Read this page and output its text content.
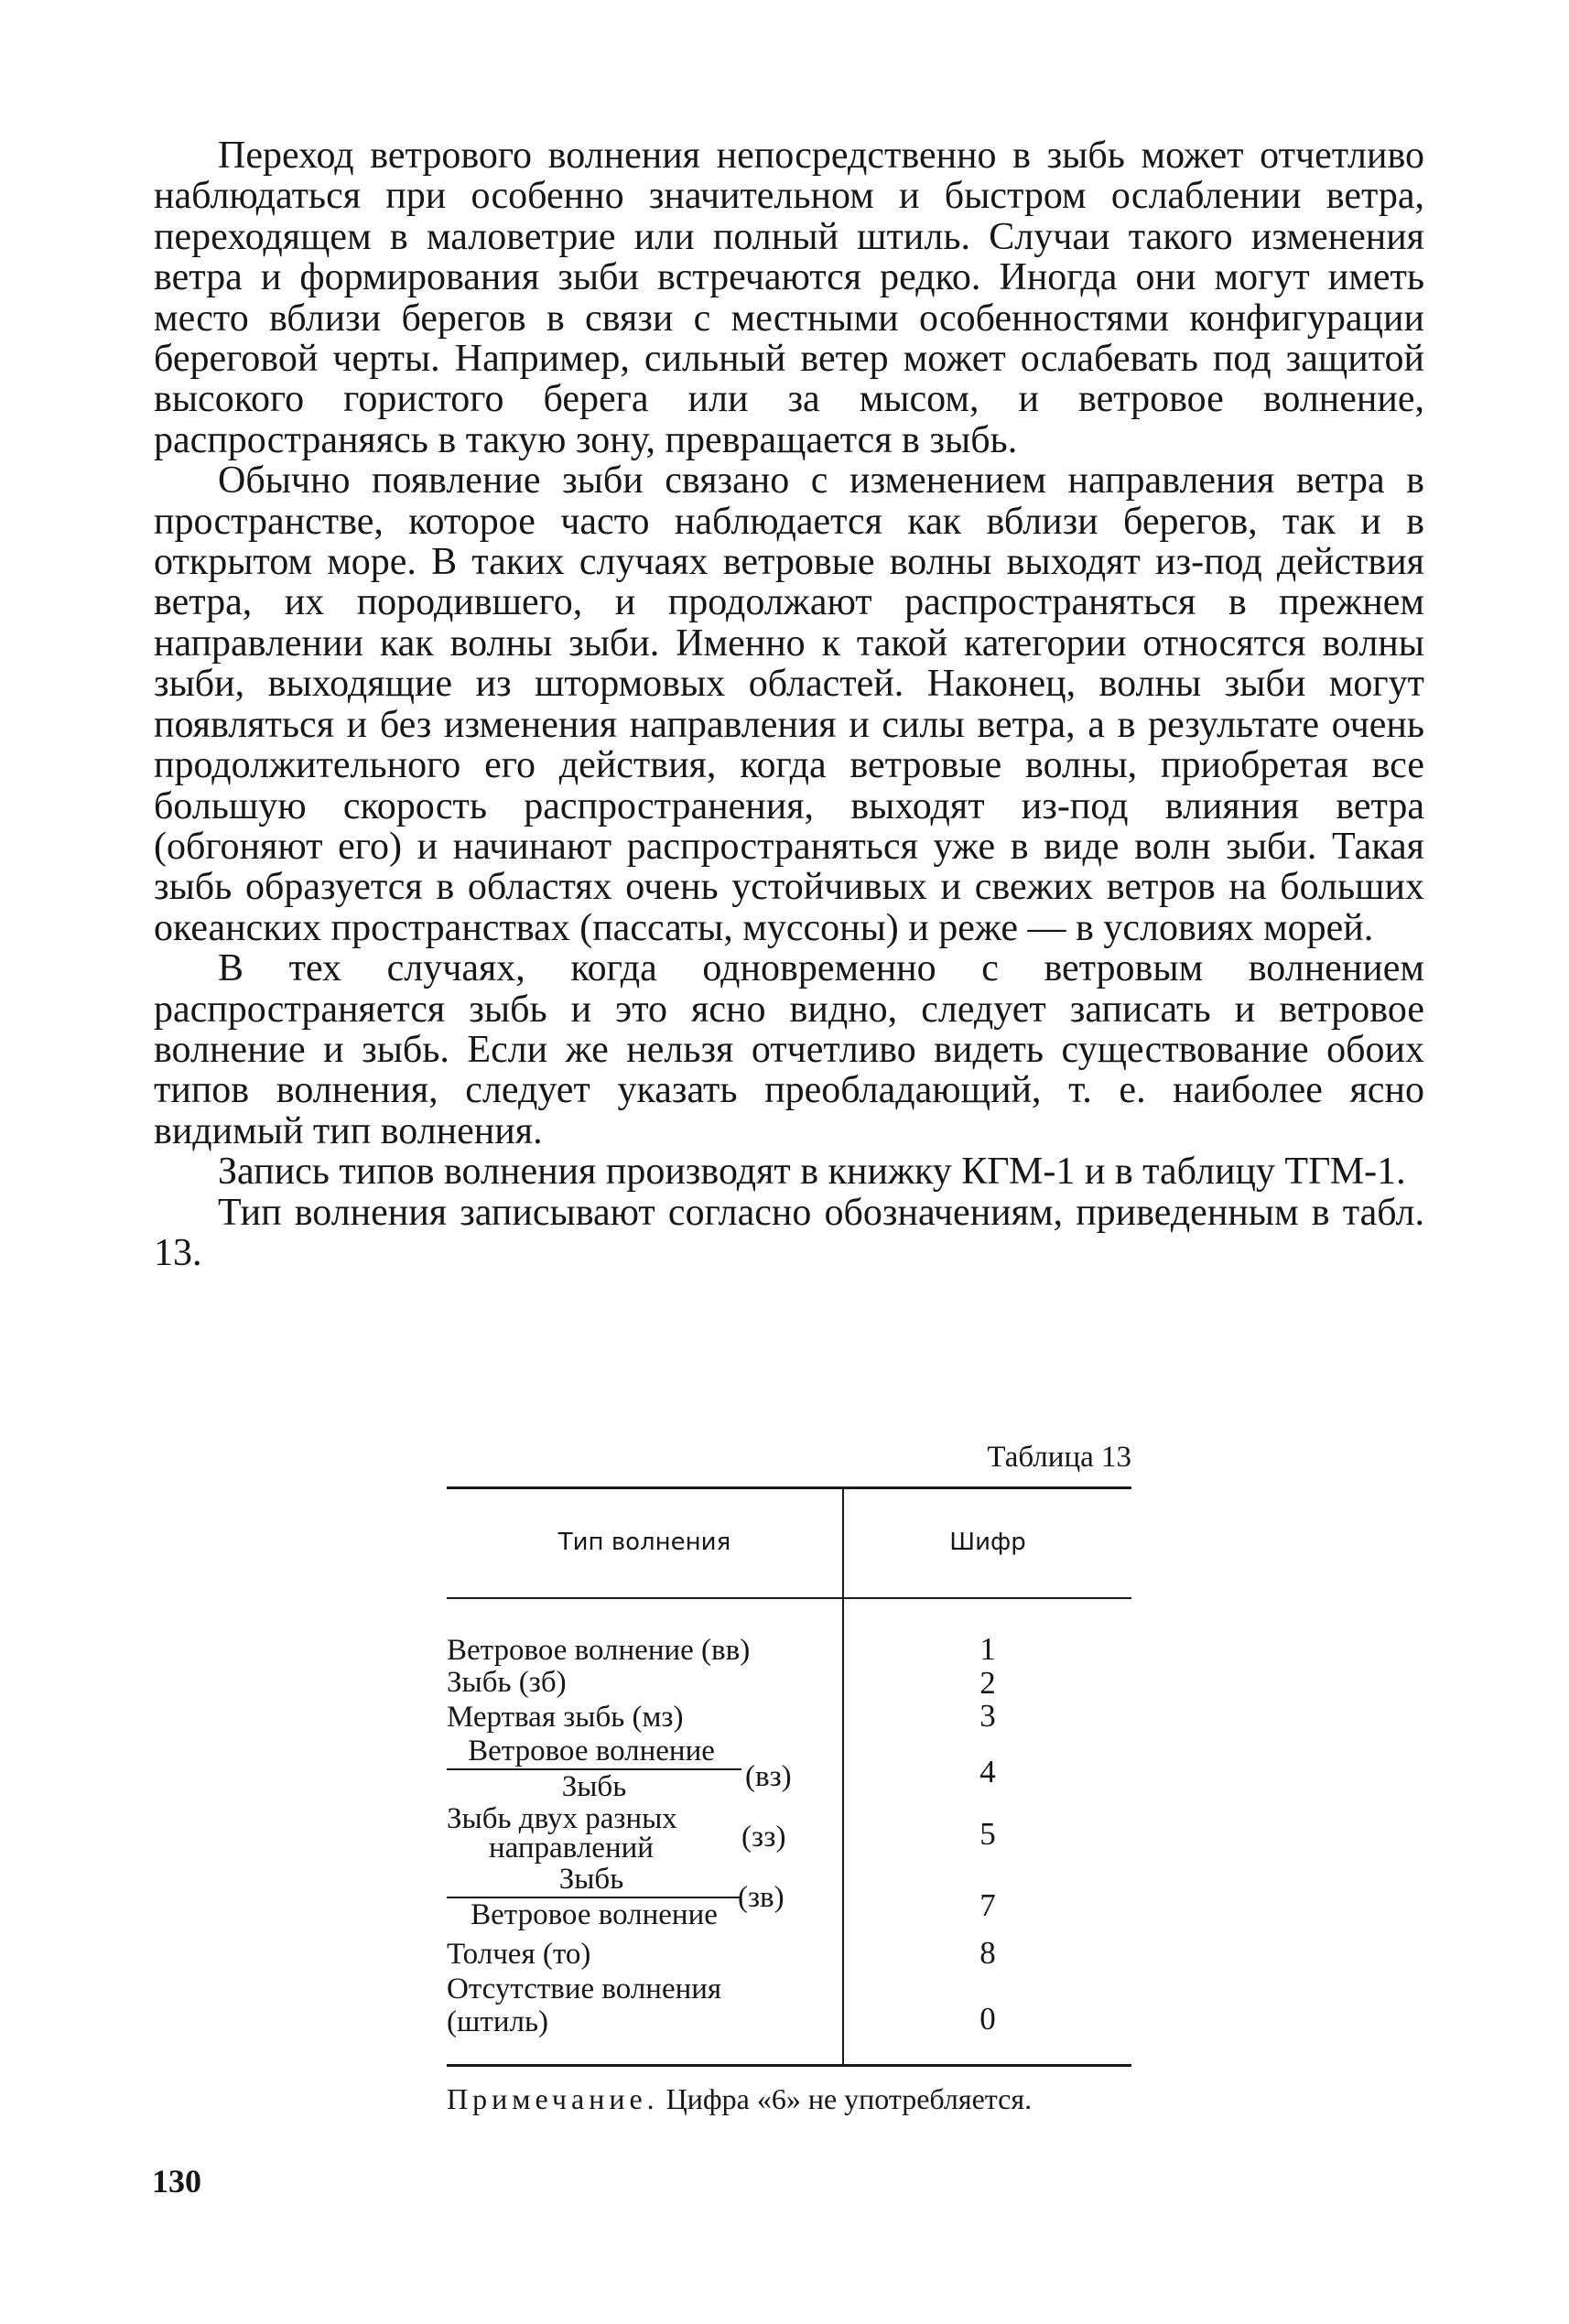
Переход ветрового волнения непосредственно в зыбь может отчетливо наблюдаться при особенно значительном и быстром ослаблении ветра, переходящем в маловетрие или полный штиль. Случаи такого изменения ветра и формирования зыби встречаются редко. Иногда они могут иметь место вблизи берегов в связи с местными особенностями конфигурации береговой черты. Например, сильный ветер может ослабевать под защитой высокого гористого берега или за мысом, и ветровое волнение, распространяясь в такую зону, превращается в зыбь.

Обычно появление зыби связано с изменением направления ветра в пространстве, которое часто наблюдается как вблизи берегов, так и в открытом море. В таких случаях ветровые волны выходят из-под действия ветра, их породившего, и продолжают распространяться в прежнем направлении как волны зыби. Именно к такой категории относятся волны зыби, выходящие из штормовых областей. Наконец, волны зыби могут появляться и без изменения направления и силы ветра, а в результате очень продолжительного его действия, когда ветровые волны, приобретая все большую скорость распространения, выходят из-под влияния ветра (обгоняют его) и начинают распространяться уже в виде волн зыби. Такая зыбь образуется в областях очень устойчивых и свежих ветров на больших океанских пространствах (пассаты, муссоны) и реже — в условиях морей.

В тех случаях, когда одновременно с ветровым волнением распространяется зыбь и это ясно видно, следует записать и ветровое волнение и зыбь. Если же нельзя отчетливо видеть существование обоих типов волнения, следует указать преобладающий, т. е. наиболее ясно видимый тип волнения.

Запись типов волнения производят в книжку КГМ-1 и в таблицу ТГМ-1.

Тип волнения записывают согласно обозначениям, приведенным в табл. 13.

Таблица 13
Тип волнения	Шифр
Ветровое волнение (вв)	1
Зыбь (зб)	2
Мертвая зыбь (мз)	3
Ветровое волнение
Зыбь	(вз)	4
Зыбь двух разных
направлений	(зз)	5
Зыбь
Ветровое волнение
(зв)	7
Толчея (то)	8
Отсутствие волнения
(штиль)	0
Примечание. Цифра «6» не употребляется.
130
